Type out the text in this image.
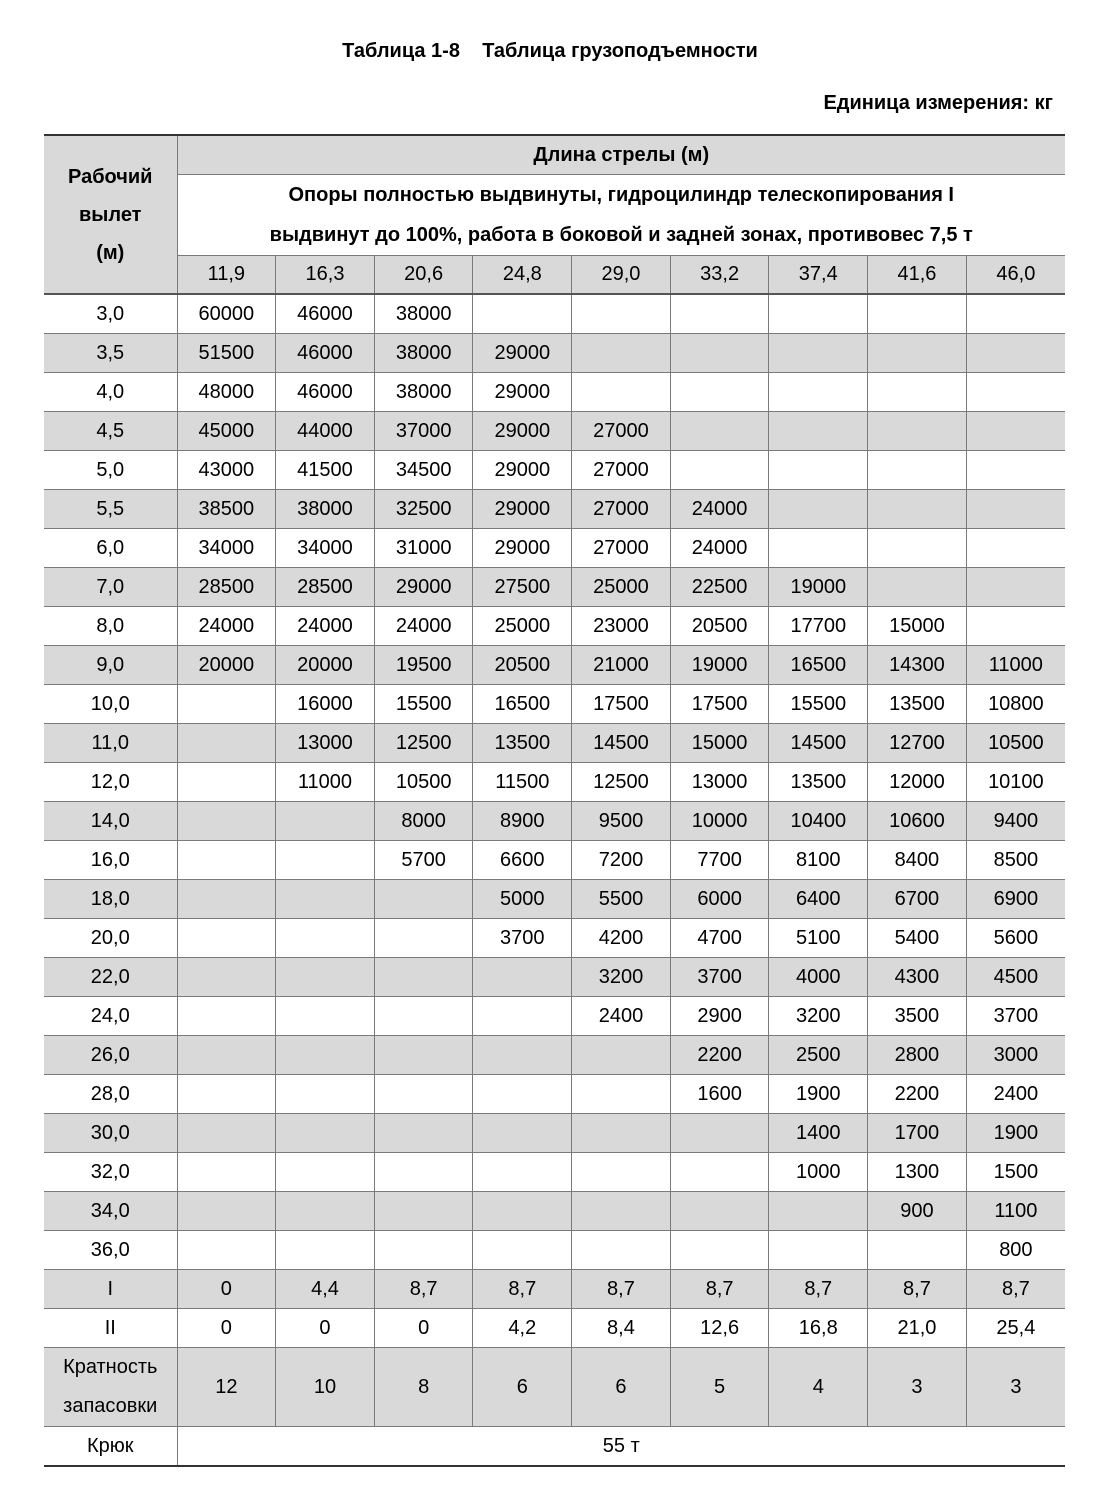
Таблица 1-8    Таблица грузоподъемности
Единица измерения: кг
Рабочий
вылет
(м)	Длина стрелы (м)								

	Опоры полностью выдвинуты, гидроцилиндр телескопирования I
выдвинут до 100%, работа в боковой и задней зонах, противовес 7,5 т								

	11,9	16,3	20,6	24,8	29,0	33,2	37,4	41,6	46,0
3,0	60000	46000	38000						
3,5	51500	46000	38000	29000					
4,0	48000	46000	38000	29000					
4,5	45000	44000	37000	29000	27000				
5,0	43000	41500	34500	29000	27000				
5,5	38500	38000	32500	29000	27000	24000			
6,0	34000	34000	31000	29000	27000	24000			
7,0	28500	28500	29000	27500	25000	22500	19000		
8,0	24000	24000	24000	25000	23000	20500	17700	15000	
9,0	20000	20000	19500	20500	21000	19000	16500	14300	11000
10,0		16000	15500	16500	17500	17500	15500	13500	10800
11,0		13000	12500	13500	14500	15000	14500	12700	10500
12,0		11000	10500	11500	12500	13000	13500	12000	10100
14,0			8000	8900	9500	10000	10400	10600	9400
16,0			5700	6600	7200	7700	8100	8400	8500
18,0				5000	5500	6000	6400	6700	6900
20,0				3700	4200	4700	5100	5400	5600
22,0					3200	3700	4000	4300	4500
24,0					2400	2900	3200	3500	3700
26,0						2200	2500	2800	3000
28,0						1600	1900	2200	2400
30,0							1400	1700	1900
32,0							1000	1300	1500
34,0								900	1100
36,0									800
I	0	4,4	8,7	8,7	8,7	8,7	8,7	8,7	8,7
II	0	0	0	4,2	8,4	12,6	16,8	21,0	25,4

Кратность
запасовки	12	10	8	6	6	5	4	3	3
Крюк	55 т								
